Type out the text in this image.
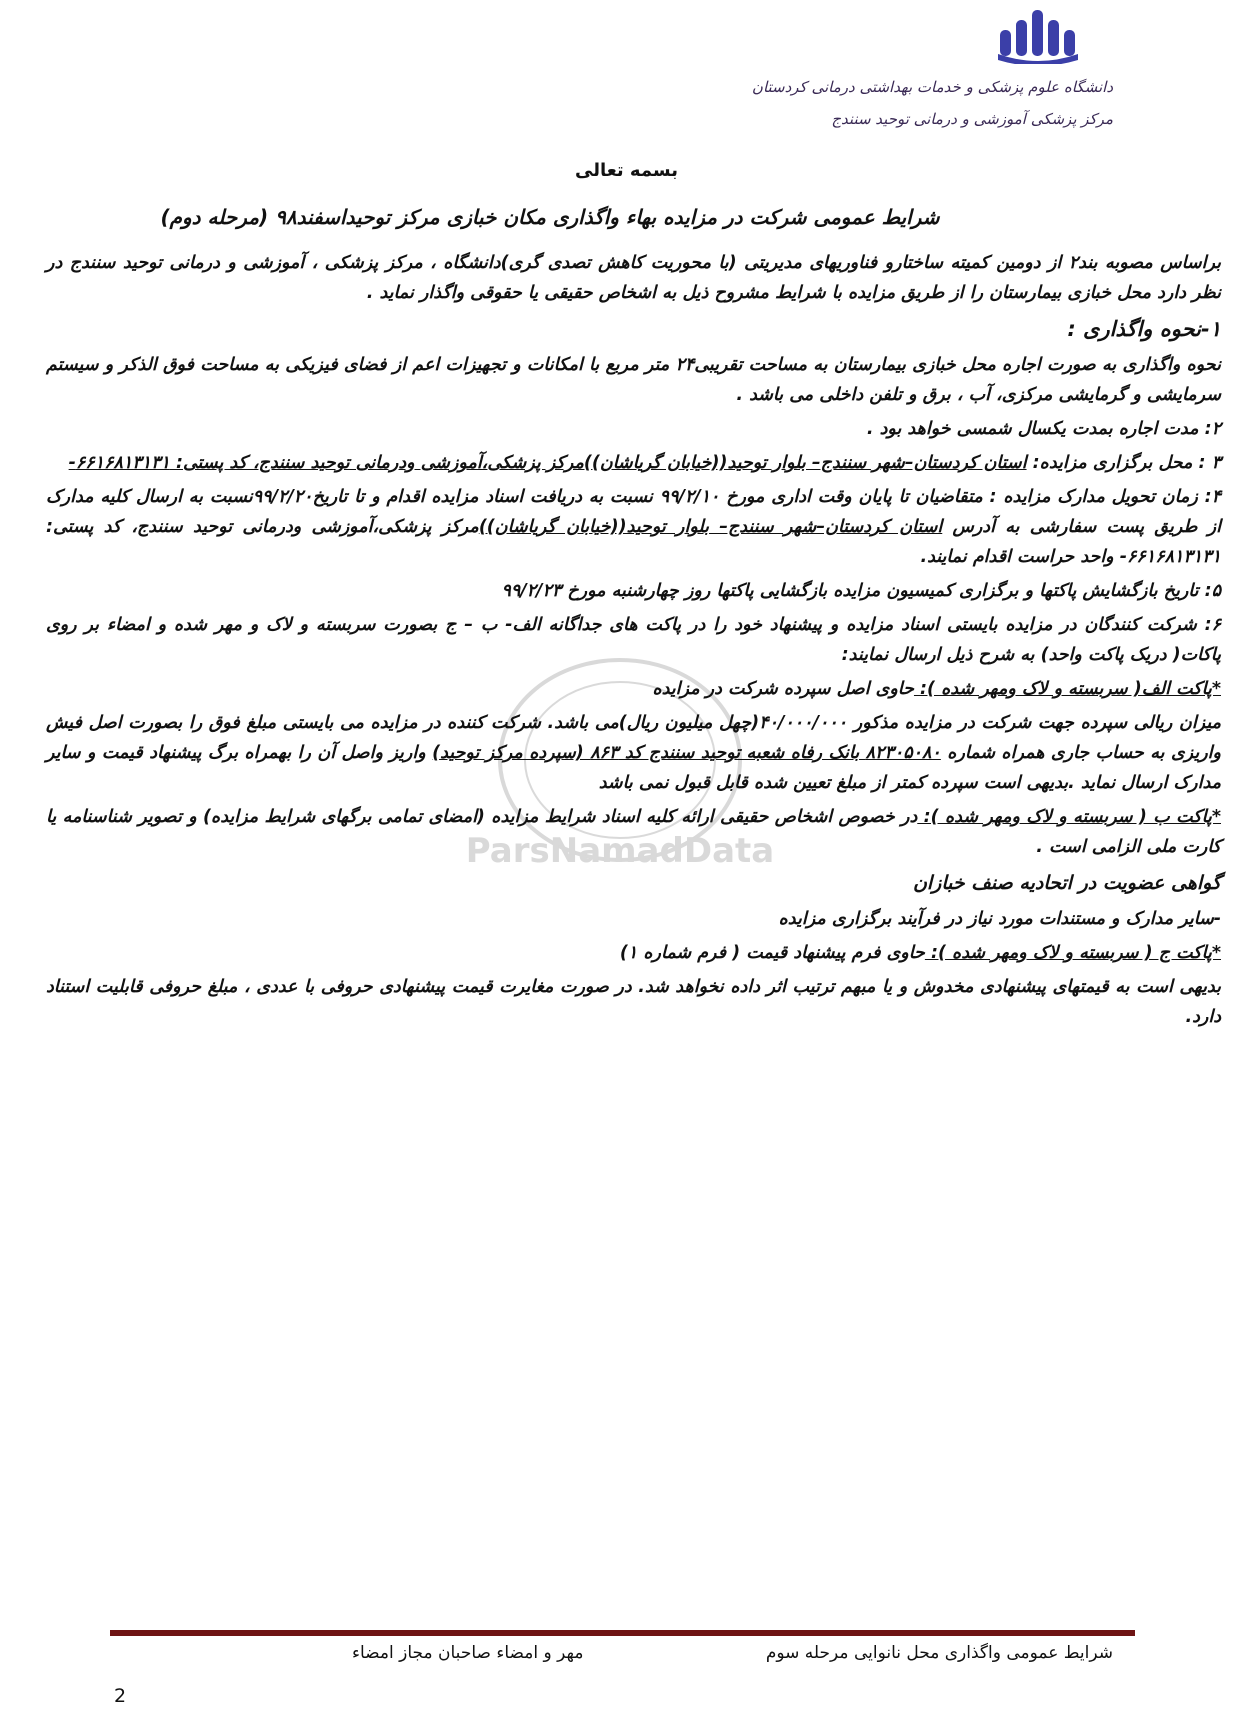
دانشگاه علوم پزشکی و خدمات بهداشتی درمانی کردستان
مرکز پزشکی آموزشی و درمانی توحید سنندج
بسمه تعالی
شرایط عمومی شرکت در مزایده بهاء واگذاری مکان خبازی مرکز توحیداسفند۹۸ (مرحله دوم)
ParsNamadData

براساس مصوبه بند۲ از دومین کمیته ساختارو فناوریهای مدیریتی (با محوریت کاهش تصدی گری)دانشگاه ، مرکز پزشکی ، آموزشی و درمانی توحید سنندج در نظر دارد محل خبازی بیمارستان را از طریق مزایده با شرایط مشروح ذیل به اشخاص حقیقی یا حقوقی واگذار نماید .

۱-نحوه واگذاری :

نحوه واگذاری به صورت اجاره محل خبازی بیمارستان به مساحت تقریبی۲۴ متر مربع با امکانات و تجهیزات اعم از فضای فیزیکی به مساحت فوق الذکر و سیستم سرمایشی و گرمایشی مرکزی، آب ، برق و تلفن داخلی می باشد .

۲: مدت اجاره بمدت یکسال شمسی خواهد بود .

۳ : محل برگزاری مزایده: استان کردستان–شهر سنندج– بلوار توحید((خیابان گریاشان))مرکز پزشکی،آموزشی ودرمانی توحید سنندج، کد پستی: ۶۶۱۶۸۱۳۱۳۱-

۴: زمان تحویل مدارک مزایده : متقاضیان تا پایان وقت اداری مورخ ۹۹/۲/۱۰ نسبت به دریافت اسناد مزایده اقدام و تا تاریخ۹۹/۲/۲۰نسبت به ارسال کلیه مدارک از طریق پست سفارشی به آدرس استان کردستان–شهر سنندج– بلوار توحید((خیابان گریاشان))مرکز پزشکی،آموزشی ودرمانی توحید سنندج، کد پستی: ۶۶۱۶۸۱۳۱۳۱- واحد حراست اقدام نمایند.

۵: تاریخ بازگشایش پاکتها و برگزاری کمیسیون مزایده بازگشایی پاکتها روز چهارشنبه مورخ ۹۹/۲/۲۳

۶: شرکت کنندگان در مزایده بایستی اسناد مزایده و پیشنهاد خود را در پاکت های جداگانه الف- ب – ج بصورت سربسته و لاک و مهر شده و امضاء بر روی پاکات( دریک پاکت واحد) به شرح ذیل ارسال نمایند:

*پاکت الف( سربسته و لاک ومهر شده ): حاوی اصل سپرده شرکت در مزایده

میزان ریالی سپرده جهت شرکت در مزایده مذکور ۴۰/۰۰۰/۰۰۰(چهل میلیون ریال)می باشد. شرکت کننده در مزایده می بایستی مبلغ فوق را بصورت اصل فیش واریزی به حساب جاری همراه شماره ۸۲۳۰۵۰۸۰ بانک رفاه شعبه توحید سنندج کد ۸۶۳ (سپرده مرکز توحید) واریز واصل آن را بهمراه برگ پیشنهاد قیمت و سایر مدارک ارسال نماید .بدیهی است سپرده کمتر از مبلغ تعیین شده قابل قبول نمی باشد

*پاکت ب ( سربسته و لاک ومهر شده ): در خصوص اشخاص حقیقی ارائه کلیه اسناد شرایط مزایده (امضای تمامی برگهای شرایط مزایده) و تصویر شناسنامه یا کارت ملی الزامی است .

گواهی عضویت در اتحادیه صنف خبازان

-سایر مدارک و مستندات مورد نیاز در فرآیند برگزاری مزایده

*پاکت ج ( سربسته و لاک ومهر شده ): حاوی فرم پیشنهاد قیمت ( فرم شماره ۱)

بدیهی است به قیمتهای پیشنهادی مخدوش و یا مبهم ترتیب اثر داده نخواهد شد. در صورت مغایرت قیمت پیشنهادی حروفی با عددی ، مبلغ حروفی قابلیت استناد دارد.

شرایط عمومی واگذاری محل نانوایی مرحله سوم
مهر و امضاء صاحبان مجاز امضاء
2
